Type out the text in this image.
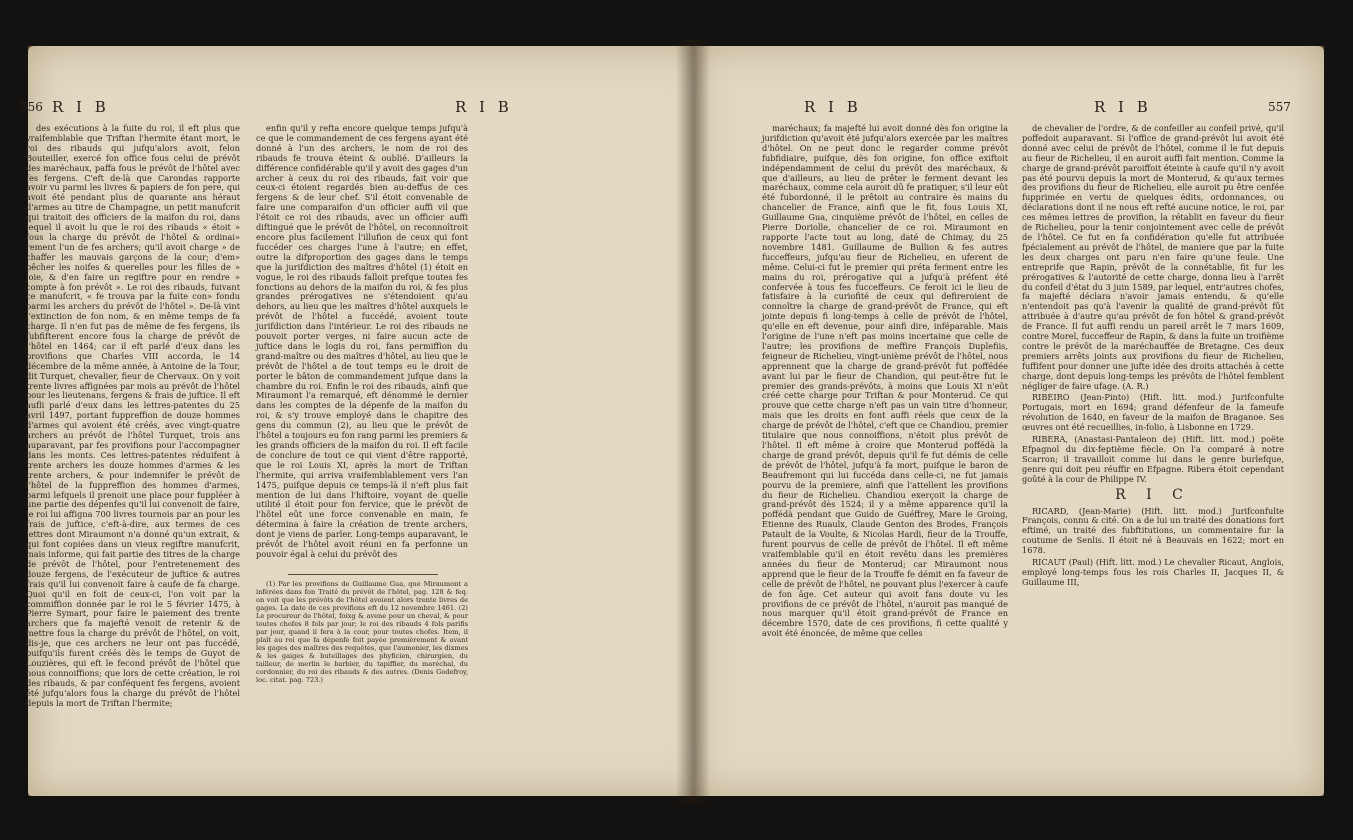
556 R I B	R I B

des exécutions à la fuite du roi, il eft plus que vraifemblable que Triftan l'hermite étant mort, le roi des ribauds qui jufqu'alors avoit, felon Bouteiller, exercé fon office fous celui de prévôt des maréchaux, paffa fous le prévôt de l'hôtel avec fes fergens. C'eft de-là que Carondas rapporte avoir vu parmi les livres & papiers de fon pere, qui avoit été pendant plus de quarante ans héraut d'armes au titre de Champagne, un petit manufcrit qui traitoit des officiers de la maifon du roi, dans lequel il avoit lu que le roi des ribauds « étoit » fous la charge du prévôt de l'hôtel & ordinai» rement l'un de fes archers; qu'il avoit charge » de chaffer les mauvais garçons de la cour; d'em» pêcher les noifes & querelles pour les filles de » joie, & d'en faire un regiftre pour en rendre » compte à fon prévôt ». Le roi des ribauds, fuivant ce manufcrit, « fe trouva par la fuite con» fondu parmi les archers du prévôt de l'hôtel ». De-là vint l'extinction de fon nom, & en même temps de fa charge. Il n'en fut pas de même de fes fergens, ils fubfifterent encore fous la charge de prévôt de l'hôtel en 1464; car il eft parlé d'eux dans les provifions que Charles VIII accorda, le 14 décembre de la même année, à Antoine de la Tour, dit Turquet, chevalier, fieur de Chervaux. On y voit trente livres affignées par mois au prévôt de l'hôtel pour les lieutenans, fergens & frais de juftice. Il eft aufli parlé d'eux dans les lettres-patentes du 25 avril 1497, portant fuppreffion de douze hommes d'armes qui avoient été créés, avec vingt-quatre archers au prévôt de l'hôtel Turquet, trois ans auparavant, par fes provifions pour l'accompagner dans les monts. Ces lettres-patentes réduifent à trente archers les douze hommes d'armes & les trente archers, & pour indemnifer le prévôt de l'hôtel de la fuppreffion des hommes d'armes, parmi lefquels il prenoit une place pour fuppléer à une partie des dépenfes qu'il lui convenoit de faire, le roi lui affigna 700 livres tournois par an pour les frais de juftice, c'eft-à-dire, aux termes de ces lettres dont Miraumont n'a donné qu'un extrait, & qui font copiées dans un vieux regiftre manufcrit, mais informe, qui fait partie des titres de la charge de prévôt de l'hôtel, pour l'entretenement des douze fergens, de l'exécuteur de juftice & autres frais qu'il lui convenoit faire à caufe de fa charge. Quoi qu'il en foit de ceux-ci, l'on voit par la commiffion donnée par le roi le 5 février 1475, à Pierre Symart, pour faire le paiement des trente archers que fa majefté venoit de retenir & de mettre fous la charge du prévôt de l'hôtel, on voit, dis-je, que ces archers ne leur ont pas fuccédé, puifqu'ils furent créés dès le temps de Guyot de Louzières, qui eft le fecond prévôt de l'hôtel que nous connoiffions; que lors de cette création, le roi des ribauds, & par conféquent fes fergens, avoient été jufqu'alors fous la charge du prévôt de l'hôtel depuis la mort de Triftan l'hermite;

enfin qu'il y refta encore quelque temps jufqu'à ce que le commandement de ces fergens ayant été donné à l'un des archers, le nom de roi des ribauds fe trouva éteint & oublié. D'ailleurs la différence confidérable qu'il y avoit des gages d'un archer à ceux du roi des ribauds, fait voir que ceux-ci étoient regardés bien au-deffus de ces fergens & de leur chef. S'il étoit convenable de faire une comparaifon d'un officier auffi vil que l'étoit ce roi des ribauds, avec un officier auffi diftingué que le prévôt de l'hôtel, on reconnoîtroit encore plus facilement l'illufion de ceux qui font fuccéder ces charges l'une à l'autre; en effet, outre la difproportion des gages dans le temps que la jurifdiction des maîtres d'hôtel (1) étoit en vogue, le roi des ribauds falloit prefque toutes fes fonctions au dehors de la maifon du roi, & fes plus grandes prérogatives ne s'étendoient qu'au dehors, au lieu que les maîtres d'hôtel auxquels le prévôt de l'hôtel a fuccédé, avoient toute jurifdiction dans l'intérieur. Le roi des ribauds ne pouvoit porter verges, ni faire aucun acte de juftice dans le logis du roi, fans permiffion du grand-maître ou des maîtres d'hôtel, au lieu que le prévôt de l'hôtel a de tout temps eu le droit de porter le bâton de commandement jufque dans la chambre du roi. Enfin le roi des ribauds, ainfi que Miraumont l'a remarqué, eft dénommé le dernier dans les comptes de la dépenfe de la maifon du roi, & s'y trouve employé dans le chapitre des gens du commun (2), au lieu que le prévôt de l'hôtel a toujours eu fon rang parmi les premiers & les grands officiers de la maifon du roi. Il eft facile de conclure de tout ce qui vient d'être rapporté, que le roi Louis XI, après la mort de Triftan l'hermite, qui arriva vraifemblablement vers l'an 1475, puifque depuis ce temps-là il n'eft plus fait mention de lui dans l'hiftoire, voyant de quelle utilité il étoit pour fon fervice, que le prévôt de l'hôtel eût une force convenable en main, fe détermina à faire la création de trente archers, dont je viens de parler. Long-temps auparavant, le prévôt de l'hôtel avoit réuni en fa perfonne un pouvoir égal à celui du prévôt des

(1) Par les provifions de Guillaume Gua, que Miraumont a inférées dans fon Traité du prévôt de l'hôtel, pag. 128 & feq. on voit que les prévôts de l'hôtel avoient alors trente livres de gages. La date de ces provifions eft du 12 novembre 1461. (2) Le procureur de l'hôtel, foixg & avene pour un cheval, & pour toutes chofes 8 fols par jour; le roi des ribauds 4 fols parifis par jour, quand il fera à la cour, pour toutes chofes. Item, il plaît au roi que fa dépenfe foit payée premièrement & avant les gages des maîtres des requêtes, que l'aumonier, les dixmes & les gaiges & buteillages des phyficien, chirurgien, du tailleur, de merlin le barbier, du tapiffier, du maréchal, du cordonnier, du roi des ribauds & des autres. (Denis Godefroy, loc. citat. pag. 723.)

R I B	R I B	557

maréchaux; fa majefté lui avoit donné dès fon origine la jurifdiction qu'avoit été jufqu'alors exercée par les maîtres d'hôtel. On ne peut donc le regarder comme prévôt fubfidiaire, puifque, dès fon origine, fon office exiftoit indépendamment de celui du prévôt des maréchaux, & que d'ailleurs, au lieu de prêter le ferment devant les maréchaux, comme cela auroit dû fe pratiquer, s'il leur eût été fubordonné, il le prêtoit au contraire ès mains du chancelier de France, ainfi que le fit, fous Louis XI, Guillaume Gua, cinquième prévôt de l'hôtel, en celles de Pierre Doriolle, chancelier de ce roi. Miraumont en rapporte l'acte tout au long, daté de Chimay, du 25 novembre 1481. Guillaume de Bullion & fes autres fucceffeurs, jufqu'au fieur de Richelieu, en uferent de même. Celui-ci fut le premier qui préta ferment entre les mains du roi, prérogative qui a jufqu'à préfent été confervée à tous fes fucceffeurs. Ce feroit ici le lieu de fatisfaire à la curiofité de ceux qui defireroient de connoître la charge de grand-prévôt de France, qui eft jointe depuis fi long-temps à celle de prévôt de l'hôtel, qu'elle en eft devenue, pour ainfi dire, inféparable. Mais l'origine de l'une n'eft pas moins incertaine que celle de l'autre; les provifions de meffire François Duplefiis, feigneur de Richelieu, vingt-unième prévôt de l'hôtel, nous apprennent que la charge de grand-prévôt fut poffédée avant lui par le fieur de Chandion, qui peut-être fut le premier des grands-prévôts, à moins que Louis XI n'eût créé cette charge pour Triftan & pour Monterud. Ce qui prouve que cette charge n'eft pas un vain titre d'honneur, mais que les droits en font auffi réels que ceux de la charge de prévôt de l'hôtel, c'eft que ce Chandiou, premier titulaire que nous connoiffions, n'étoit plus prévôt de l'hôtel. Il eft même à croire que Monterud poffédà la charge de grand prévôt, depuis qu'il fe fut démis de celle de prévôt de l'hôtel, jufqu'à fa mort, puifque le baron de Beaufremont qui lui fuccéda dans celle-ci, ne fut jamais pourvu de la premiere, ainfi que l'attellent les provifions du fieur de Richelieu. Chandiou exerçoit la charge de grand-prévôt dès 1524; il y a même apparence qu'il la poffédà pendant que Guido de Guéffrey, Mare le Groing, Etienne des Ruaulx, Claude Genton des Brodes, François Patault de la Voulte, & Nicolas Hardi, fieur de la Trouffe, furent pourvus de celle de prévôt de l'hôtel. Il eft même vraifemblable qu'il en étoit revêtu dans les premières années du fieur de Monterud; car Miraumont nous apprend que le fieur de la Trouffe fe démit en fa faveur de celle de prévôt de l'hôtel, ne pouvant plus l'exercer à caufe de fon âge. Cet auteur qui avoit fans doute vu les provifions de ce prévôt de l'hôtel, n'auroit pas manqué de nous marquer qu'il étoit grand-prévôt de France en décembre 1570, date de ces provifions, fi cette qualité y avoit été énoncée, de même que celles

de chevalier de l'ordre, & de confeiller au confeil privé, qu'il poffedoit auparavant. Si l'office de grand-prévôt lui avoit été donné avec celui de prévôt de l'hôtel, comme il le fut depuis au fieur de Richelieu, il en auroit auffi fait mention. Comme la charge de grand-prévôt paroiffoit éteinte à caufe qu'il n'y avoit pas été pourvu depuis la mort de Monterud, & qu'aux termes des provifions du fieur de Richelieu, elle auroit pu être cenfée fupprimée en vertu de quelques édits, ordonnances, ou déclarations dont il ne nous eft refté aucune notice, le roi, par ces mêmes lettres de provifion, la rétablit en faveur du fieur de Richelieu, pour la tenir conjointement avec celle de prévôt de l'hôtel. Ce fut en fa confidération qu'elle fut attribuée fpécialement au prévôt de l'hôtel, de maniere que par la fuite les deux charges ont paru n'en faire qu'une feule. Une entreprife que Rapin, prévôt de la connétablie, fit fur les prérogatives & l'autorité de cette charge, donna lieu à l'arrêt du confeil d'état du 3 juin 1589, par lequel, entr'autres chofes, fa majefté déclara n'avoir jamais entendu, & qu'elle n'entendoit pas qu'à l'avenir la qualité de grand-prévôt fût attribuée à d'autre qu'au prévôt de fon hôtel & grand-prévôt de France. Il fut auffi rendu un pareil arrêt le 7 mars 1609, contre Morel, fucceffeur de Rapin, & dans la fuite un troifième contre le prévôt de la maréchauffée de Bretagne. Ces deux premiers arrêts joints aux provifions du fieur de Richelieu, fuffifent pour donner une jufte idée des droits attachés à cette charge, dont depuis long-temps les prévôts de l'hôtel femblent négliger de faire ufage. (A. R.)

RIBEIRO (Jean-Pinto) (Hift. litt. mod.) Jurifconfulte Portugais, mort en 1694; grand défenfeur de la fameufe révolution de 1640, en faveur de la maifon de Braganoe. Ses œuvres ont été recueillies, in-folio, à Lisbonne en 1729.

RIBERA, (Anastasi-Pantaleon de) (Hift. litt. mod.) poëte Efpagnol du dix-feptième fiècle. On l'a comparé à notre Scarron; il travailloit comme lui dans le genre burlefque, genre qui doit peu réuffir en Efpagne. Ribera étoit cependant goûté à la cour de Philippe IV.

R I C

RICARD, (Jean-Marie) (Hift. litt. mod.) Jurifconfulte François, connu & cité. On a de lui un traité des donations fort eftimé, un traité des fubftitutions, un commentaire fur la coutume de Senlis. Il étoit né à Beauvais en 1622; mort en 1678.

RICAUT (Paul) (Hift. litt. mod.) Le chevalier Ricaut, Anglois, employé long-temps fous les rois Charles II, Jacques II, & Guillaume III,
